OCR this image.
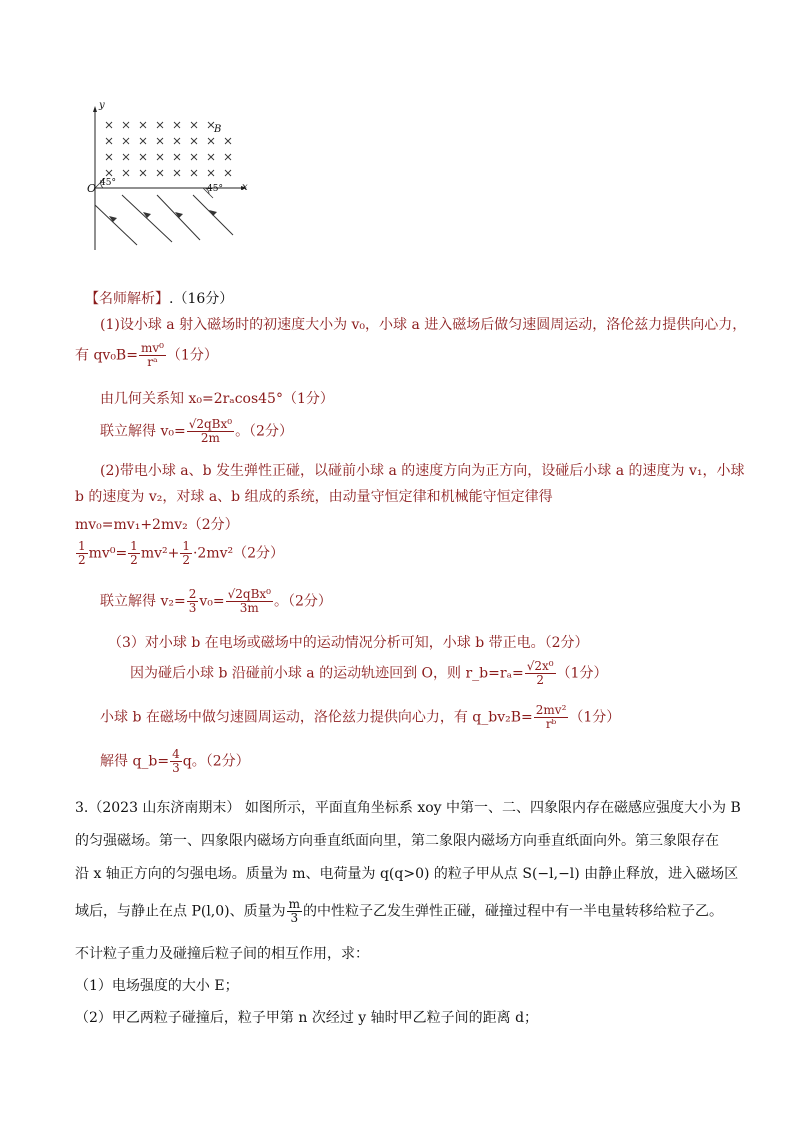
y
x
O
B
45°
45°
【名师解析】.（16分）
(1)设小球 a 射入磁场时的初速度大小为 v₀，小球 a 进入磁场后做匀速圆周运动，洛伦兹力提供向心力，
有 $qv_0B= \frac{\text{mv⁰}}{\text{rᵃ}} (1$分）
由几何关系知 x₀=2rₐcos45°（1分）
联立解得 $v_0= \frac{\text{√2qBx⁰}}{2m}$ 。（2分）
(2)带电小球 a、b 发生弹性正碰，以碰前小球 a 的速度方向为正方向，设碰后小球 a 的速度为 v₁，小球
b 的速度为 v₂，对球 a、b 组成的系统，由动量守恒定律和机械能守恒定律得
mv₀=mv₁+2mv₂（2分）
$\frac{1}{2} mv^0= \frac{1}{2} mv^2+ \frac{1}{2} \cdot 2mv^2(2$分）
联立解得 $v_2= \frac{2}{3} v_0= \frac{\text{√2qBx⁰}}{3m}$ 。（2分）
（3）对小球 b 在电场或磁场中的运动情况分析可知，小球 b 带正电。（2分）
因为碰后小球 b 沿碰前小球 a 的运动轨迹回到 O，则 r_b=rₐ= $\frac{\text{√2x⁰}}{2} (1$分）
小球 b 在磁场中做匀速圆周运动，洛伦兹力提供向心力，有 q_bv₂B= $\frac{\text{2mv²}}{\text{rᵇ}} (1$分）
解得 q_b= $\frac{4}{3}$ q。（2分）
3.（2023 山东济南期末） 如图所示，平面直角坐标系 xoy 中第一、二、四象限内存在磁感应强度大小为 B
的匀强磁场。第一、四象限内磁场方向垂直纸面向里，第二象限内磁场方向垂直纸面向外。第三象限存在
沿 x 轴正方向的匀强电场。质量为 m、电荷量为 q(q>0) 的粒子甲从点 S(−l,−l) 由静止释放，进入磁场区
域后，与静止在点 P(l,0)、质量为 $\frac{m}{3}$ 的中性粒子乙发生弹性正碰，碰撞过程中有一半电量转移给粒子乙。
不计粒子重力及碰撞后粒子间的相互作用，求：
（1）电场强度的大小 E；
（2）甲乙两粒子碰撞后，粒子甲第 n 次经过 y 轴时甲乙粒子间的距离 d；
